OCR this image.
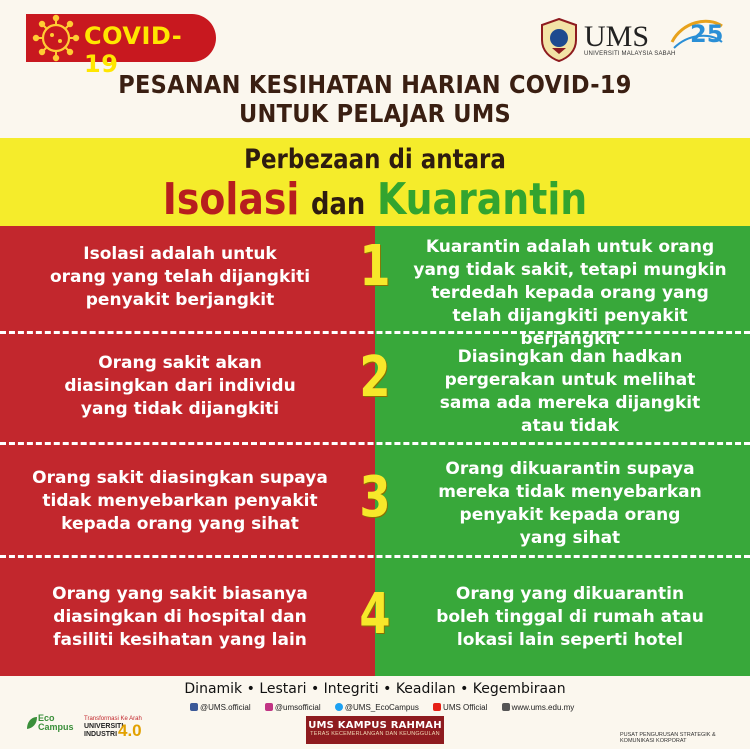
COVID-19
UMS
UNIVERSITI MALAYSIA SABAH
25
PESANAN KESIHATAN HARIAN COVID-19
UNTUK PELAJAR UMS
Perbezaan di antara
Isolasi dan Kuarantin
1
Isolasi adalah untuk
orang yang telah dijangkiti
penyakit berjangkit
Kuarantin adalah untuk orang
yang tidak sakit, tetapi mungkin
terdedah kepada orang yang
telah dijangkiti penyakit berjangkit
2
Orang sakit akan
diasingkan dari individu
yang tidak dijangkiti
Diasingkan dan hadkan
pergerakan untuk melihat
sama ada mereka dijangkit
atau tidak
3
Orang sakit diasingkan supaya
tidak menyebarkan penyakit
kepada orang yang sihat
Orang dikuarantin supaya
mereka tidak menyebarkan
penyakit kepada orang
yang sihat
4
Orang yang sakit biasanya
diasingkan di hospital dan
fasiliti kesihatan yang lain
Orang yang dikuarantin
boleh tinggal di rumah atau
lokasi lain seperti hotel
Dinamik • Lestari • Integriti • Keadilan • Kegembiraan
@UMS.official	@umsofficial	@UMS_EcoCampus	UMS Official	www.ums.edu.my
Eco Campus
Transformasi Ke Arah
UNIVERSITI INDUSTRI 4.0	UMS KAMPUS RAHMAH
TERAS KECEMERLANGAN DAN KEUNGGULAN	PUSAT PENGURUSAN STRATEGIK & KOMUNIKASI KORPORAT
